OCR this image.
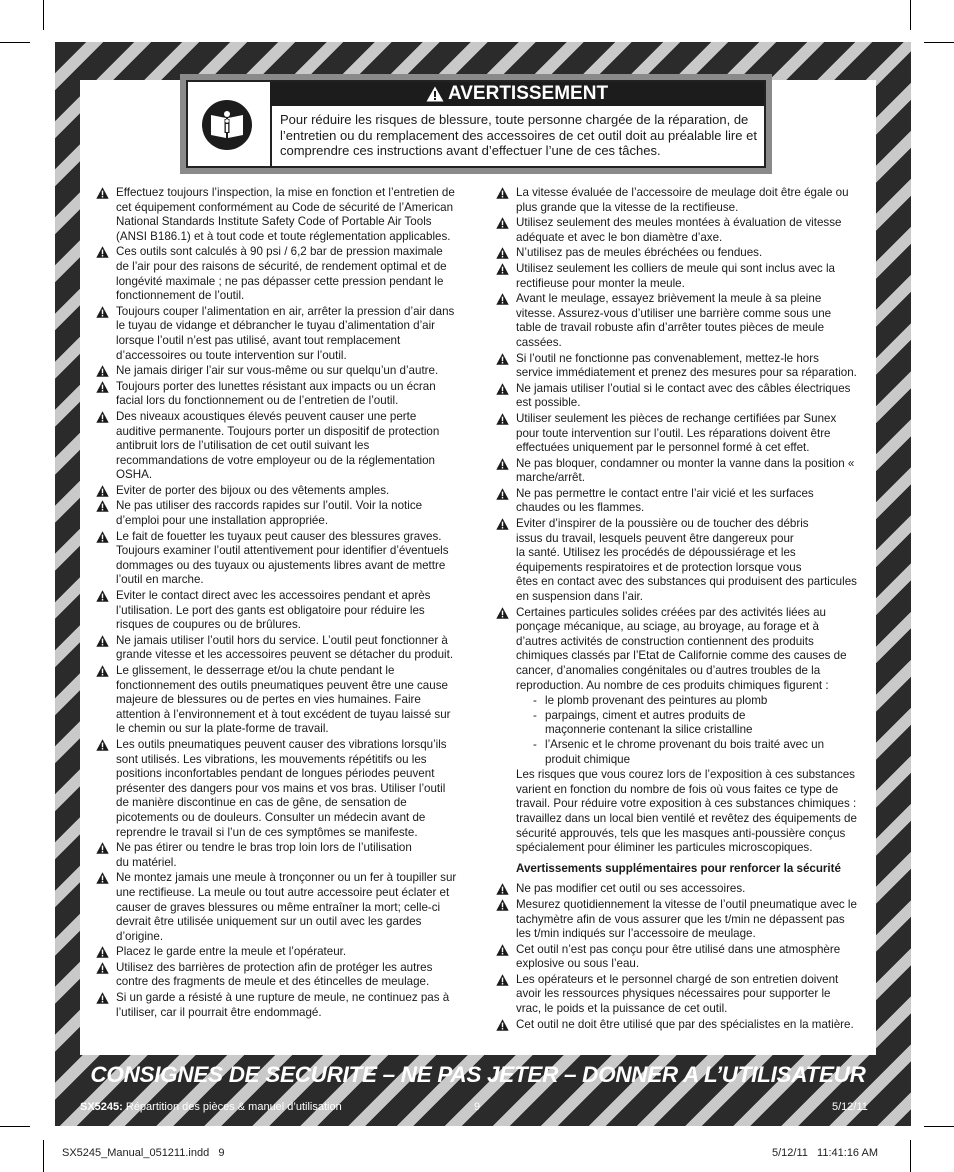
AVERTISSEMENT
Pour réduire les risques de blessure, toute personne chargée de la réparation, de l’entretien ou du remplacement des accessoires de cet outil doit au préalable lire et comprendre ces instructions avant d’effectuer l’une de ces tâches.
Effectuez toujours l’inspection, la mise en fonction et l’entretien de cet équipement conformément au Code de sécurité de l’American National Standards Institute Safety Code of Portable Air Tools (ANSI B186.1) et à tout code et toute réglementation applicables.
Ces outils sont calculés à 90 psi / 6,2 bar de pression maximale de l’air pour des raisons de sécurité, de rendement optimal et de longévité maximale ; ne pas dépasser cette pression pendant le fonctionnement de l’outil.
Toujours couper l’alimentation en air, arrêter la pression d’air dans le tuyau de vidange et débrancher le tuyau d’alimentation d’air lorsque l’outil n’est pas utilisé, avant tout remplacement d’accessoires ou toute intervention sur l’outil.
Ne jamais diriger l’air sur vous-même ou sur quelqu’un d’autre.
Toujours porter des lunettes résistant aux impacts ou un écran facial lors du fonctionnement ou de l’entretien de l’outil.
Des niveaux acoustiques élevés peuvent causer une perte auditive permanente. Toujours porter un dispositif de protection antibruit lors de l’utilisation de cet outil suivant les recommandations de votre employeur ou de la réglementation OSHA.
Eviter de porter des bijoux ou des vêtements amples.
Ne pas utiliser des raccords rapides sur l’outil. Voir la notice d’emploi pour une installation appropriée.
Le fait de fouetter les tuyaux peut causer des blessures graves.
Toujours examiner l’outil attentivement pour identifier d’éventuels dommages ou des tuyaux ou ajustements libres avant de mettre l’outil en marche.
Eviter le contact direct avec les accessoires pendant et après l’utilisation. Le port des gants est obligatoire pour réduire les risques de coupures ou de brûlures.
Ne jamais utiliser l’outil hors du service. L’outil peut fonctionner à grande vitesse et les accessoires peuvent se détacher du produit.
Le glissement, le desserrage et/ou la chute pendant le fonctionnement des outils pneumatiques peuvent être une cause majeure de blessures ou de pertes en vies humaines. Faire attention à l’environnement et à tout excédent de tuyau laissé sur le chemin ou sur la plate-forme de travail.
Les outils pneumatiques peuvent causer des vibrations lorsqu’ils sont utilisés. Les vibrations, les mouvements répétitifs ou les positions inconfortables pendant de longues périodes peuvent présenter des dangers pour vos mains et vos bras. Utiliser l’outil de manière discontinue en cas de gêne, de sensation de picotements ou de douleurs. Consulter un médecin avant de reprendre le travail si l’un de ces symptômes se manifeste.
Ne pas étirer ou tendre le bras trop loin lors de l’utilisation
du matériel.
Ne montez jamais une meule à tronçonner ou un fer à toupiller sur une rectifieuse. La meule ou tout autre accessoire peut éclater et causer de graves blessures ou même entraîner la mort; celle-ci devrait être utilisée uniquement sur un outil avec les gardes d’origine.
Placez le garde entre la meule et l’opérateur.
Utilisez des barrières de protection afin de protéger les autres contre des fragments de meule et des étincelles de meulage.
Si un garde a résisté à une rupture de meule, ne continuez pas à l’utiliser, car il pourrait être endommagé.
La vitesse évaluée de l’accessoire de meulage doit être égale ou plus grande que la vitesse de la rectifieuse.
Utilisez seulement des meules montées à évaluation de vitesse adéquate et avec le bon diamètre d’axe.
N’utilisez pas de meules ébréchées ou fendues.
Utilisez seulement les colliers de meule qui sont inclus avec la rectifieuse pour monter la meule.
Avant le meulage, essayez brièvement la meule à sa pleine vitesse. Assurez-vous d’utiliser une barrière comme sous une table de travail robuste afin d’arrêter toutes pièces de meule cassées.
Si l’outil ne fonctionne pas convenablement, mettez-le hors service immédiatement et prenez des mesures pour sa réparation.
Ne jamais utiliser l’outial si le contact avec des câbles électriques est possible.
Utiliser seulement les pièces de rechange certifiées par Sunex pour toute intervention sur l’outil. Les réparations doivent être effectuées uniquement par le personnel formé à cet effet.
Ne pas bloquer, condamner ou monter la vanne dans la position « marche/arrêt.
Ne pas permettre le contact entre l’air vicié et les surfaces chaudes ou les flammes.
Eviter d’inspirer de la poussière ou de toucher des débris
issus du travail, lesquels peuvent être dangereux pour
la santé. Utilisez les procédés de dépoussiérage et les
équipements respiratoires et de protection lorsque vous
êtes en contact avec des substances qui produisent des particules en suspension dans l’air.
Certaines particules solides créées par des activités liées au ponçage mécanique, au sciage, au broyage, au forage et à d’autres activités de construction contiennent des produits chimiques classés par l’Etat de Californie comme des causes de cancer, d’anomalies congénitales ou d’autres troubles de la reproduction. Au nombre de ces produits chimiques figurent :
- le plomb provenant des peintures au plomb
- parpaings, ciment et autres produits de
maçonnerie contenant la silice cristalline
- l’Arsenic et le chrome provenant du bois traité avec un
produit chimique
Les risques que vous courez lors de l’exposition à ces substances varient en fonction du nombre de fois où vous faites ce type de travail. Pour réduire votre exposition à ces substances chimiques : travaillez dans un local bien ventilé et revêtez des équipements de sécurité approuvés, tels que les masques anti-poussière conçus spécialement pour éliminer les particules microscopiques.
Avertissements supplémentaires pour renforcer la sécurité
Ne pas modifier cet outil ou ses accessoires.
Mesurez quotidiennement la vitesse de l’outil pneumatique avec le tachymètre afin de vous assurer que les t/min ne dépassent pas les t/min indiqués sur l’accessoire de meulage.
Cet outil n’est pas conçu pour être utilisé dans une atmosphère explosive ou sous l’eau.
Les opérateurs et le personnel chargé de son entretien doivent avoir les ressources physiques nécessaires pour supporter le vrac, le poids et la puissance de cet outil.
Cet outil ne doit être utilisé que par des spécialistes en la matière.
CONSIGNES DE SECURITE – NE PAS JETER – DONNER A L’UTILISATEUR
SX5245: Répartition des pièces & manuel d’utilisation	9	5/12/11
SX5245_Manual_051211.indd   9	5/12/11   11:41:16 AM
